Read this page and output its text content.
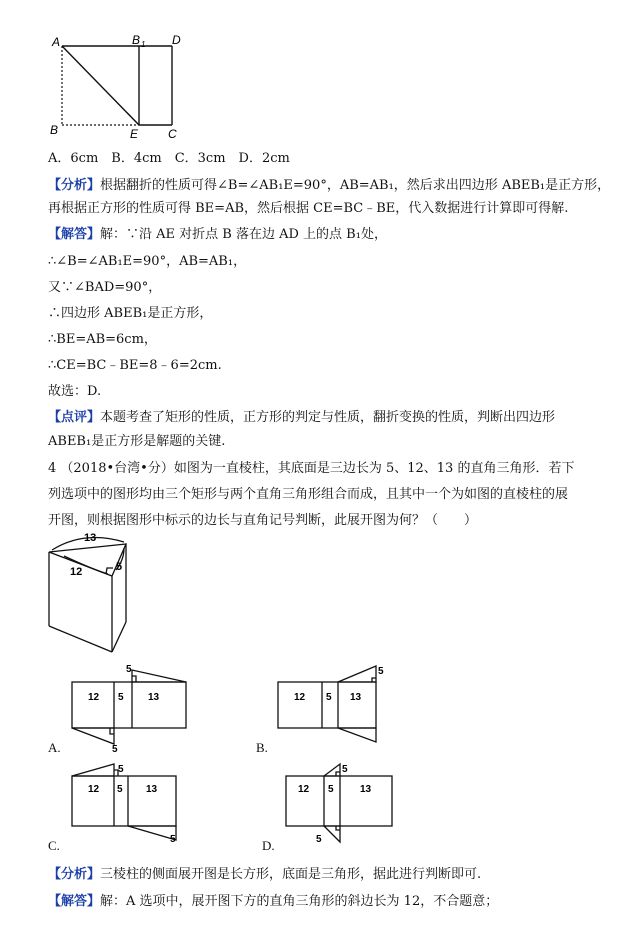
A	B 1 D
B	E C
A．6cm　B．4cm　C．3cm　D．2cm
【分析】根据翻折的性质可得∠B=∠AB₁E=90°，AB=AB₁，然后求出四边形 ABEB₁是正方形，
再根据正方形的性质可得 BE=AB，然后根据 CE=BC﹣BE，代入数据进行计算即可得解.
【解答】解：∵沿 AE 对折点 B 落在边 AD 上的点 B₁处，
∴∠B=∠AB₁E=90°，AB=AB₁，
又∵∠BAD=90°，
∴四边形 ABEB₁是正方形，
∴BE=AB=6cm，
∴CE=BC﹣BE=8﹣6=2cm.
故选：D.
【点评】本题考查了矩形的性质，正方形的判定与性质，翻折变换的性质，判断出四边形
ABEB₁是正方形是解题的关键.
4 （2018•台湾•分）如图为一直棱柱，其底面是三边长为 5、12、13 的直角三角形．若下
列选项中的图形均由三个矩形与两个直角三角形组合而成，且其中一个为如图的直棱柱的展
开图，则根据图形中标示的边长与直角记号判断，此展开图为何？（　　）
13
12	5
12 5 13
5
5
A.
12 5 13
5
B.
12 5 13
5
5
C.
12 5	13
5
5
D.
【分析】三棱柱的侧面展开图是长方形，底面是三角形，据此进行判断即可.
【解答】解：A 选项中，展开图下方的直角三角形的斜边长为 12，不合题意；
